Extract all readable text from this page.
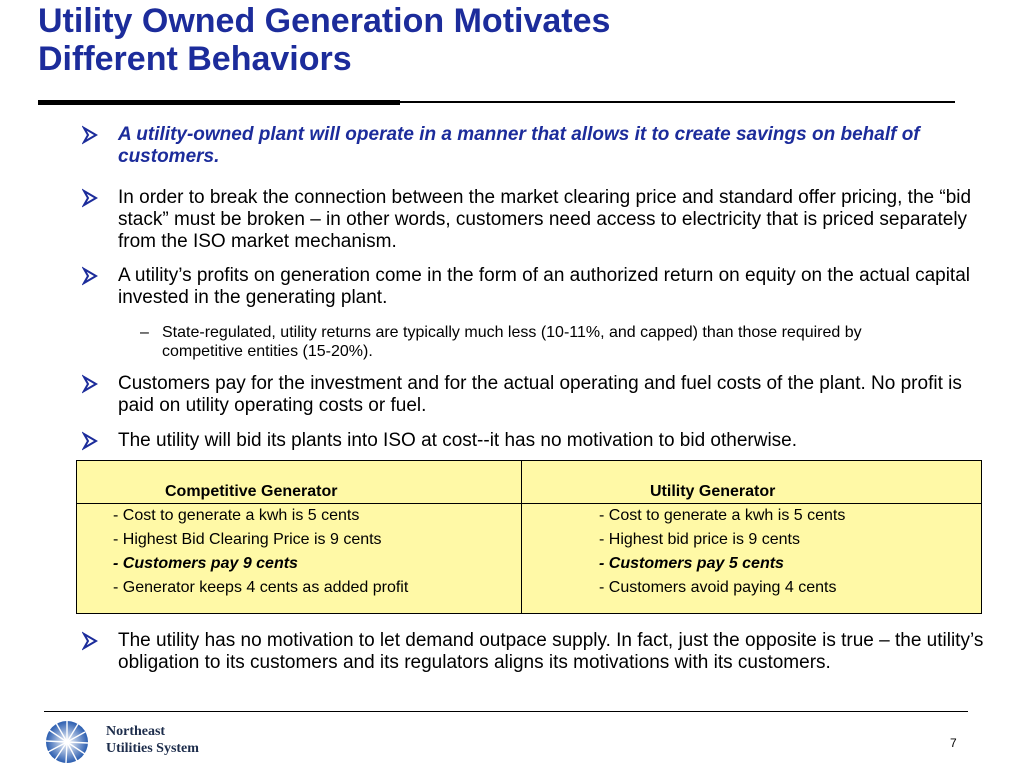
Utility Owned Generation Motivates
Different Behaviors
A utility-owned plant will operate in a manner that allows it to create savings on behalf of customers.
In order to break the connection between the market clearing price and standard offer pricing, the “bid stack” must be broken – in other words, customers need access to electricity that is priced separately from the ISO market mechanism.
A utility’s profits on generation come in the form of an authorized return on equity on the actual capital invested in the generating plant.
– State-regulated, utility returns are typically much less (10-11%, and capped) than those required by competitive entities (15-20%).
Customers pay for the investment and for the actual operating and fuel costs of the plant. No profit is paid on utility operating costs or fuel.
The utility will bid its plants into ISO at cost--it has no motivation to bid otherwise.
Competitive Generator	Utility Generator
- Cost to generate a kwh is 5 cents
- Highest Bid Clearing Price is 9 cents
- Customers pay 9 cents
- Generator keeps 4 cents as added profit
- Cost to generate a kwh is 5 cents
- Highest bid price is 9 cents
- Customers pay 5 cents
- Customers avoid paying 4 cents
The utility has no motivation to let demand outpace supply. In fact, just the opposite is true – the utility’s obligation to its customers and its regulators aligns its motivations with its customers.
Northeast
Utilities System	7
